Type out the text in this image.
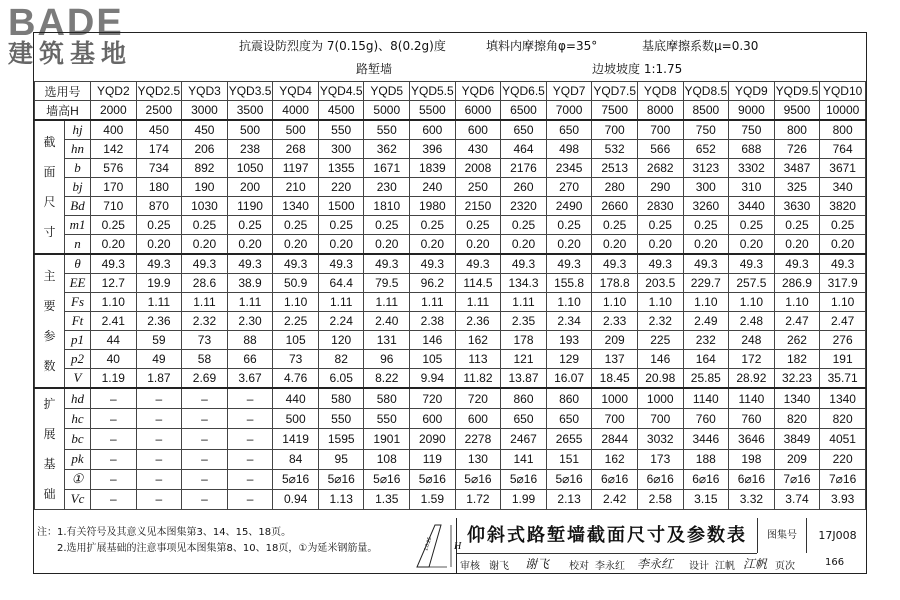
BADE
建筑基地	抗震设防烈度为 7(0.15g)、8(0.2g)度	填料内摩擦角φ=35°	基底摩擦系数μ=0.30
路堑墙	边坡坡度 1:1.75
选用号		YQD2	YQD2.5	YQD3	YQD3.5	YQD4	YQD4.5	YQD5	YQD5.5	YQD6	YQD6.5	YQD7	YQD7.5	YQD8	YQD8.5	YQD9	YQD9.5	YQD10
墙高H		2000	2500	3000	3500	4000	4500	5000	5500	6000	6500	7000	7500	8000	8500	9000	9500	10000

截
面
尺
寸	hj	400	450	450	500	500	550	550	600	600	650	650	700	700	750	750	800	800
	hn	142	174	206	238	268	300	362	396	430	464	498	532	566	652	688	726	764
	b	576	734	892	1050	1197	1355	1671	1839	2008	2176	2345	2513	2682	3123	3302	3487	3671
	bj	170	180	190	200	210	220	230	240	250	260	270	280	290	300	310	325	340
	Bd	710	870	1030	1190	1340	1500	1810	1980	2150	2320	2490	2660	2830	3260	3440	3630	3820
	m1	0.25	0.25	0.25	0.25	0.25	0.25	0.25	0.25	0.25	0.25	0.25	0.25	0.25	0.25	0.25	0.25	0.25
	n	0.20	0.20	0.20	0.20	0.20	0.20	0.20	0.20	0.20	0.20	0.20	0.20	0.20	0.20	0.20	0.20	0.20

主
要
参
数	θ	49.3	49.3	49.3	49.3	49.3	49.3	49.3	49.3	49.3	49.3	49.3	49.3	49.3	49.3	49.3	49.3	49.3
	EE	12.7	19.9	28.6	38.9	50.9	64.4	79.5	96.2	114.5	134.3	155.8	178.8	203.5	229.7	257.5	286.9	317.9
	Fs	1.10	1.11	1.11	1.11	1.10	1.11	1.11	1.11	1.11	1.11	1.10	1.10	1.10	1.10	1.10	1.10	1.10
	Ft	2.41	2.36	2.32	2.30	2.25	2.24	2.40	2.38	2.36	2.35	2.34	2.33	2.32	2.49	2.48	2.47	2.47
	p1	44	59	73	88	105	120	131	146	162	178	193	209	225	232	248	262	276
	p2	40	49	58	66	73	82	96	105	113	121	129	137	146	164	172	182	191
	V	1.19	1.87	2.69	3.67	4.76	6.05	8.22	9.94	11.82	13.87	16.07	18.45	20.98	25.85	28.92	32.23	35.71

扩
展
基
础	hd	–	–	–	–	440	580	580	720	720	860	860	1000	1000	1140	1140	1340	1340
	hc	–	–	–	–	500	550	550	600	600	650	650	700	700	760	760	820	820
	bc	–	–	–	–	1419	1595	1901	2090	2278	2467	2655	2844	3032	3446	3646	3849	4051
	pk	–	–	–	–	84	95	108	119	130	141	151	162	173	188	198	209	220
	①	–	–	–	–	5⌀16	5⌀16	5⌀16	5⌀16	5⌀16	5⌀16	5⌀16	6⌀16	6⌀16	6⌀16	6⌀16	7⌀16	7⌀16
	Vc	–	–	–	–	0.94	1.13	1.35	1.59	1.72	1.99	2.13	2.42	2.58	3.15	3.32	3.74	3.93
注：1.有关符号及其意义见本图集第3、14、15、18页。
　　2.选用扩展基础的注意事项见本图集第8、10、18页，①为延米钢筋量。	H
1:0.25	仰斜式路堑墙截面尺寸及参数表	图集号	17J008
审核 谢飞 谢飞 校对 李永红 李永红 设计 江帆 江帆 页次	166
